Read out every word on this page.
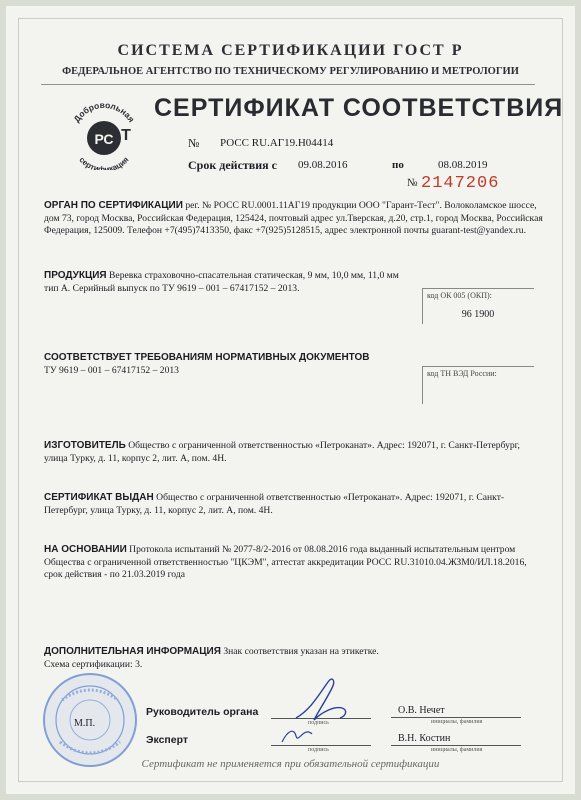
СИСТЕМА СЕРТИФИКАЦИИ ГОСТ Р
ФЕДЕРАЛЬНОЕ АГЕНТСТВО ПО ТЕХНИЧЕСКОМУ РЕГУЛИРОВАНИЮ И МЕТРОЛОГИИ
Добровольная
РС Т
сертификация
СЕРТИФИКАТ СООТВЕТСТВИЯ
№ РОСС RU.АГ19.Н04414
Срок действия с 09.08.2016	по	08.08.2019
№ 2147206
ОРГАН ПО СЕРТИФИКАЦИИ рег. № РОСС RU.0001.11АГ19 продукции ООО "Гарант-Тест". Волоколамское шоссе, дом 73, город Москва, Российская Федерация, 125424, почтовый адрес ул.Тверская, д.20, стр.1, город Москва, Российская Федерация, 125009. Телефон +7(495)7413350, факс +7(925)5128515, адрес электронной почты guarant-test@yandex.ru.
ПРОДУКЦИЯ Веревка страховочно-спасательная статическая, 9 мм, 10,0 мм, 11,0 мм тип А. Серийный выпуск по ТУ 9619 – 001 – 67417152 – 2013.
код ОК 005 (ОКП):
96 1900
СООТВЕТСТВУЕТ ТРЕБОВАНИЯМ НОРМАТИВНЫХ ДОКУМЕНТОВ
ТУ 9619 – 001 – 67417152 – 2013	код ТН ВЭД России:
ИЗГОТОВИТЕЛЬ Общество с ограниченной ответственностью «Петроканат». Адрес: 192071, г. Санкт-Петербург, улица Турку, д. 11, корпус 2, лит. А, пом. 4Н.
СЕРТИФИКАТ ВЫДАН Общество с ограниченной ответственностью «Петроканат». Адрес: 192071, г. Санкт-Петербург, улица Турку, д. 11, корпус 2, лит. А, пом. 4Н.
НА ОСНОВАНИИ Протокола испытаний № 2077-8/2-2016 от 08.08.2016 года выданный испытательным центром Общества с ограниченной ответственностью "ЦКЭМ", аттестат аккредитации РОСС RU.31010.04.ЖЗМ0/ИЛ.18.2016, срок действия - по 21.03.2019 года
ДОПОЛНИТЕЛЬНАЯ ИНФОРМАЦИЯ Знак соответствия указан на этикетке.
Схема сертификации: 3.
М.П.
Руководитель органа
подпись
О.В. Нечет
инициалы, фамилия
Эксперт
подпись
В.Н. Костин
инициалы, фамилия
Сертификат не применяется при обязательной сертификации
